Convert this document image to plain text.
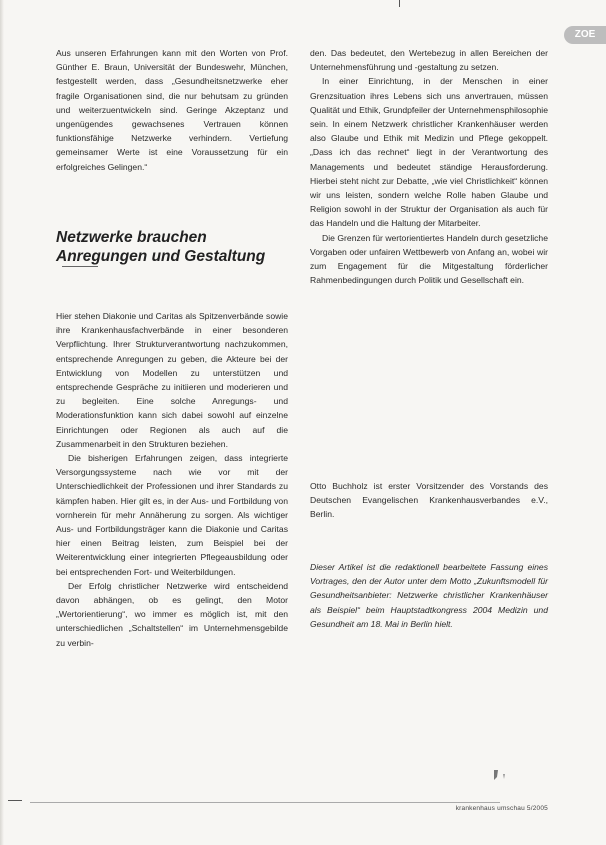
ZOE

Aus unseren Erfahrungen kann mit den Worten von Prof. Günther E. Braun, Universität der Bundeswehr, München, festgestellt werden, dass „Gesundheitsnetzwerke eher fragile Organisationen sind, die nur behutsam zu gründen und weiterzuentwickeln sind. Geringe Akzeptanz und ungenügendes gewachsenes Vertrauen können funktionsfähige Netzwerke verhindern. Vertiefung gemeinsamer Werte ist eine Voraussetzung für ein erfolgreiches Gelingen.“

Netzwerke brauchen
Anregungen und Gestaltung

Hier stehen Diakonie und Caritas als Spitzenverbände sowie ihre Krankenhausfachverbände in einer besonderen Verpflichtung. Ihrer Strukturverantwortung nachzukommen, entsprechende Anregungen zu geben, die Akteure bei der Entwicklung von Modellen zu unterstützen und entsprechende Gespräche zu initiieren und moderieren und zu begleiten. Eine solche Anregungs- und Moderationsfunktion kann sich dabei sowohl auf einzelne Einrichtungen oder Regionen als auch auf die Zusammenarbeit in den Strukturen beziehen.

Die bisherigen Erfahrungen zeigen, dass integrierte Versorgungssysteme nach wie vor mit der Unterschiedlichkeit der Professionen und ihrer Standards zu kämpfen haben. Hier gilt es, in der Aus- und Fortbildung von vornherein für mehr Annäherung zu sorgen. Als wichtiger Aus- und Fortbildungsträger kann die Diakonie und Caritas hier einen Beitrag leisten, zum Beispiel bei der Weiterentwicklung einer integrierten Pflegeausbildung oder bei entsprechenden Fort- und Weiterbildungen.

Der Erfolg christlicher Netzwerke wird entscheidend davon abhängen, ob es gelingt, den Motor „Wertorientierung“, wo immer es möglich ist, mit den unterschiedlichen „Schaltstellen“ im Unternehmensgebilde zu verbin-

den. Das bedeutet, den Wertebezug in allen Bereichen der Unternehmensführung und -gestaltung zu setzen.

In einer Einrichtung, in der Menschen in einer Grenzsituation ihres Lebens sich uns anvertrauen, müssen Qualität und Ethik, Grundpfeiler der Unternehmensphilosophie sein. In einem Netzwerk christlicher Krankenhäuser werden also Glaube und Ethik mit Medizin und Pflege gekoppelt. „Dass ich das rechnet“ liegt in der Verantwortung des Managements und bedeutet ständige Herausforderung. Hierbei steht nicht zur Debatte, „wie viel Christlichkeit“ können wir uns leisten, sondern welche Rolle haben Glaube und Religion sowohl in der Struktur der Organisation als auch für das Handeln und die Haltung der Mitarbeiter.

Die Grenzen für wertorientiertes Handeln durch gesetzliche Vorgaben oder unfairen Wettbewerb von Anfang an, wobei wir zum Engagement für die Mitgestaltung förderlicher Rahmenbedingungen durch Politik und Gesellschaft ein.

Otto Buchholz ist erster Vorsitzender des Vorstands des Deutschen Evangelischen Krankenhausverbandes e.V., Berlin.

Dieser Artikel ist die redaktionell bearbeitete Fassung eines Vortrages, den der Autor unter dem Motto „Zukunftsmodell für Gesundheitsanbieter: Netzwerke christlicher Krankenhäuser als Beispiel“ beim Hauptstadtkongress 2004 Medizin und Gesundheit am 18. Mai in Berlin hielt.

krankenhaus umschau 5/2005
